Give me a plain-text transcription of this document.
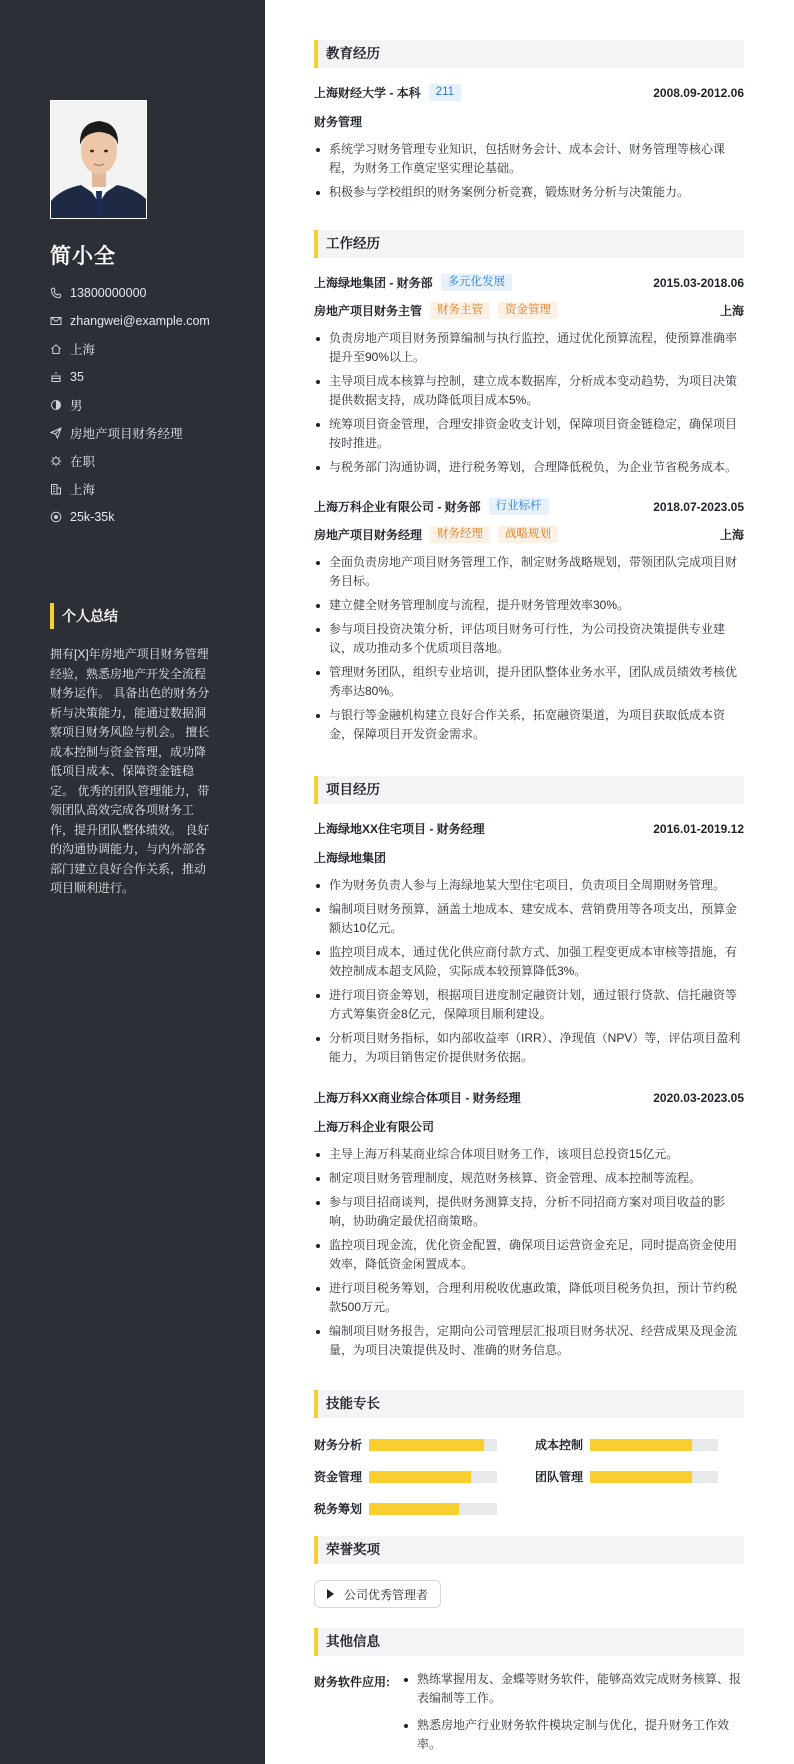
简小全
13800000000
zhangwei@example.com
上海
35
男
房地产项目财务经理
在职
上海
25k-35k
个人总结
拥有[X]年房地产项目财务管理经验，熟悉房地产开发全流程财务运作。 具备出色的财务分析与决策能力，能通过数据洞察项目财务风险与机会。 擅长成本控制与资金管理，成功降低项目成本、保障资金链稳定。 优秀的团队管理能力，带领团队高效完成各项财务工作，提升团队整体绩效。 良好的沟通协调能力，与内外部各部门建立良好合作关系，推动项目顺利进行。
教育经历
上海财经大学 - 本科	211	2008.09-2012.06
财务管理
系统学习财务管理专业知识，包括财务会计、成本会计、财务管理等核心课程，为财务工作奠定坚实理论基础。
积极参与学校组织的财务案例分析竞赛，锻炼财务分析与决策能力。
工作经历
上海绿地集团 - 财务部	多元化发展	2015.03-2018.06
房地产项目财务主管	财务主管	资金管理	上海
负责房地产项目财务预算编制与执行监控，通过优化预算流程，使预算准确率提升至90%以上。
主导项目成本核算与控制，建立成本数据库，分析成本变动趋势，为项目决策提供数据支持，成功降低项目成本5%。
统筹项目资金管理，合理安排资金收支计划，保障项目资金链稳定，确保项目按时推进。
与税务部门沟通协调，进行税务筹划，合理降低税负，为企业节省税务成本。
上海万科企业有限公司 - 财务部	行业标杆	2018.07-2023.05
房地产项目财务经理	财务经理	战略规划	上海
全面负责房地产项目财务管理工作，制定财务战略规划，带领团队完成项目财务目标。
建立健全财务管理制度与流程，提升财务管理效率30%。
参与项目投资决策分析，评估项目财务可行性，为公司投资决策提供专业建议，成功推动多个优质项目落地。
管理财务团队，组织专业培训，提升团队整体业务水平，团队成员绩效考核优秀率达80%。
与银行等金融机构建立良好合作关系，拓宽融资渠道，为项目获取低成本资金，保障项目开发资金需求。
项目经历
上海绿地XX住宅项目 - 财务经理	2016.01-2019.12
上海绿地集团
作为财务负责人参与上海绿地某大型住宅项目，负责项目全周期财务管理。
编制项目财务预算，涵盖土地成本、建安成本、营销费用等各项支出，预算金额达10亿元。
监控项目成本，通过优化供应商付款方式、加强工程变更成本审核等措施，有效控制成本超支风险，实际成本较预算降低3%。
进行项目资金筹划，根据项目进度制定融资计划，通过银行贷款、信托融资等方式筹集资金8亿元，保障项目顺利建设。
分析项目财务指标，如内部收益率（IRR）、净现值（NPV）等，评估项目盈利能力，为项目销售定价提供财务依据。
上海万科XX商业综合体项目 - 财务经理	2020.03-2023.05
上海万科企业有限公司
主导上海万科某商业综合体项目财务工作，该项目总投资15亿元。
制定项目财务管理制度，规范财务核算、资金管理、成本控制等流程。
参与项目招商谈判，提供财务测算支持，分析不同招商方案对项目收益的影响，协助确定最优招商策略。
监控项目现金流，优化资金配置，确保项目运营资金充足，同时提高资金使用效率，降低资金闲置成本。
进行项目税务筹划，合理利用税收优惠政策，降低项目税务负担，预计节约税款500万元。
编制项目财务报告，定期向公司管理层汇报项目财务状况、经营成果及现金流量，为项目决策提供及时、准确的财务信息。
技能专长
财务分析	成本控制
资金管理	团队管理
税务筹划
荣誉奖项
公司优秀管理者
其他信息
财务软件应用:	熟练掌握用友、金蝶等财务软件，能够高效完成财务核算、报表编制等工作。
熟悉房地产行业财务软件模块定制与优化，提升财务工作效率。
